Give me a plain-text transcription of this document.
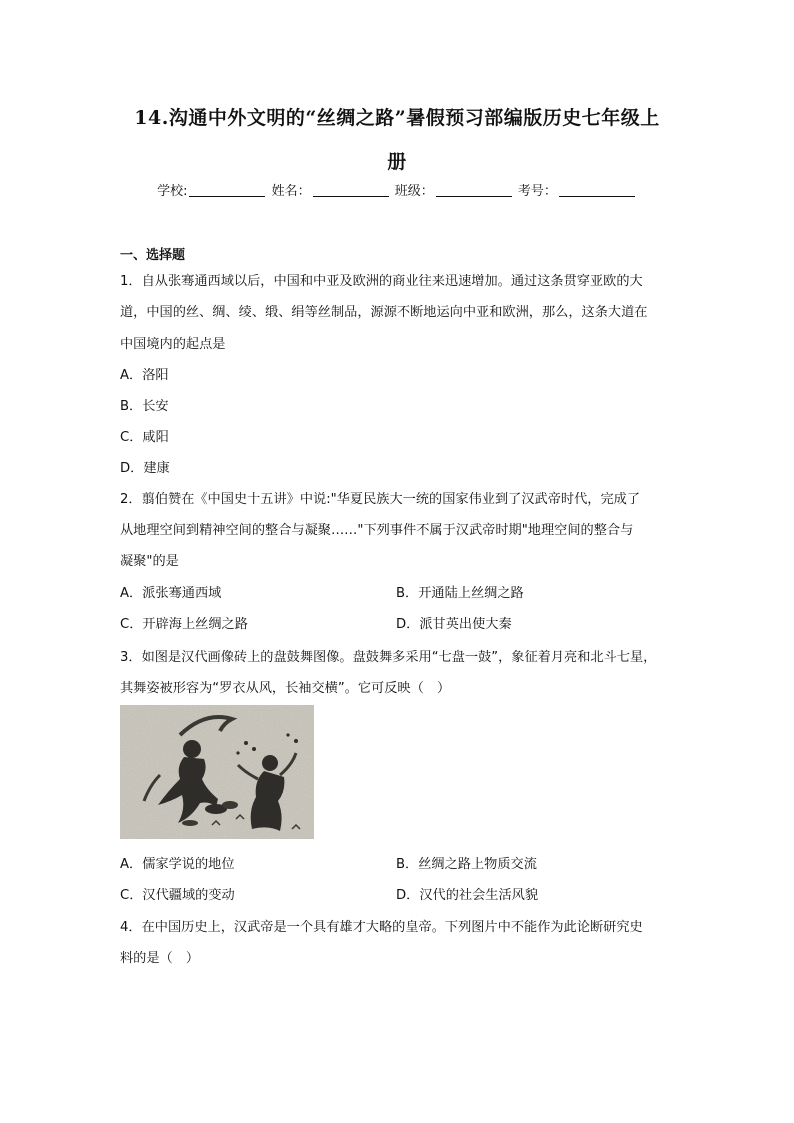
14.沟通中外文明的“丝绸之路”暑假预习部编版历史七年级上
册
学校:	姓名：	班级：	考号：
一、选择题
1．自从张骞通西域以后，中国和中亚及欧洲的商业往来迅速增加。通过这条贯穿亚欧的大
道，中国的丝、绸、绫、缎、绢等丝制品，源源不断地运向中亚和欧洲，那么，这条大道在
中国境内的起点是
A．洛阳
B．长安
C．咸阳
D．建康
2．翦伯赞在《中国史十五讲》中说:"华夏民族大一统的国家伟业到了汉武帝时代，完成了
从地理空间到精神空间的整合与凝聚……"下列事件不属于汉武帝时期"地理空间的整合与
凝聚"的是
A．派张骞通西域	B．开通陆上丝绸之路
C．开辟海上丝绸之路	D．派甘英出使大秦
3．如图是汉代画像砖上的盘鼓舞图像。盘鼓舞多采用“七盘一鼓”，象征着月亮和北斗七星，
其舞姿被形容为“罗衣从风，长袖交横”。它可反映（　）
A．儒家学说的地位	B．丝绸之路上物质交流
C．汉代疆域的变动	D．汉代的社会生活风貌
4．在中国历史上，汉武帝是一个具有雄才大略的皇帝。下列图片中不能作为此论断研究史
料的是（　）
